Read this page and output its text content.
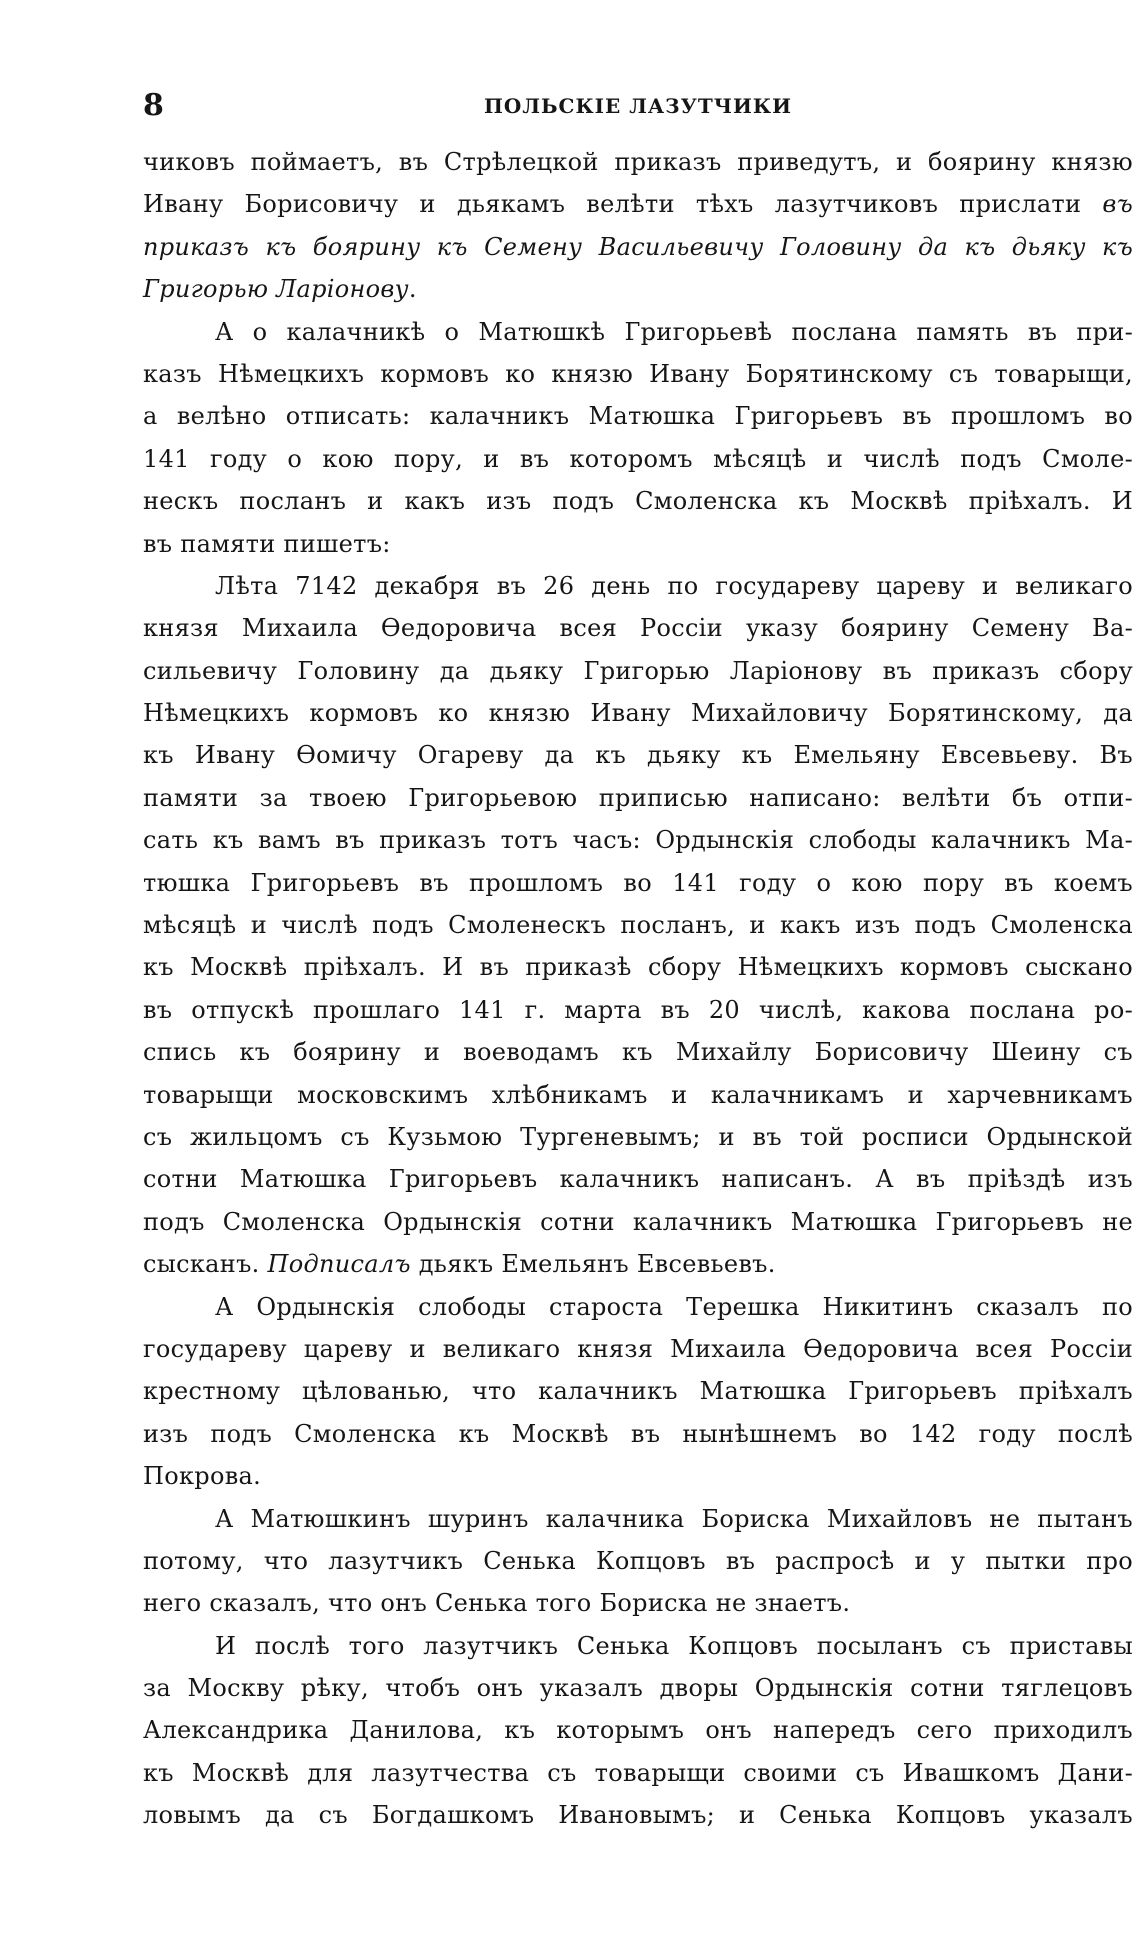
8	ПОЛЬСКІЕ ЛАЗУТЧИКИ
чиковъ поймаетъ, въ Стрѣлецкой приказъ приведутъ, и боярину князю
Ивану Борисовичу и дьякамъ велѣти тѣхъ лазутчиковъ прислати въ
приказъ къ боярину къ Семену Васильевичу Головину да къ дьяку къ
Григорью Ларіонову.
А о калачникѣ о Матюшкѣ Григорьевѣ послана память въ при-
казъ Нѣмецкихъ кормовъ ко князю Ивану Борятинскому съ товарыщи,
а велѣно отписать: калачникъ Матюшка Григорьевъ въ прошломъ во
141 году о кою пору, и въ которомъ мѣсяцѣ и числѣ подъ Смоле-
нескъ посланъ и какъ изъ подъ Смоленска къ Москвѣ пріѣхалъ. И
въ памяти пишетъ:
Лѣта 7142 декабря въ 26 день по государеву цареву и великаго
князя Михаила Ѳедоровича всея Россіи указу боярину Семену Ва-
сильевичу Головину да дьяку Григорью Ларіонову въ приказъ сбору
Нѣмецкихъ кормовъ ко князю Ивану Михайловичу Борятинскому, да
къ Ивану Ѳомичу Огареву да къ дьяку къ Емельяну Евсевьеву. Въ
памяти за твоею Григорьевою приписью написано: велѣти бъ отпи-
сать къ вамъ въ приказъ тотъ часъ: Ордынскія слободы калачникъ Ма-
тюшка Григорьевъ въ прошломъ во 141 году о кою пору въ коемъ
мѣсяцѣ и числѣ подъ Смоленескъ посланъ, и какъ изъ подъ Смоленска
къ Москвѣ пріѣхалъ. И въ приказѣ сбору Нѣмецкихъ кормовъ сыскано
въ отпускѣ прошлаго 141 г. марта въ 20 числѣ, какова послана ро-
спись къ боярину и воеводамъ къ Михайлу Борисовичу Шеину съ
товарыщи московскимъ хлѣбникамъ и калачникамъ и харчевникамъ
съ жильцомъ съ Кузьмою Тургеневымъ; и въ той росписи Ордынской
сотни Матюшка Григорьевъ калачникъ написанъ. А въ пріѣздѣ изъ
подъ Смоленска Ордынскія сотни калачникъ Матюшка Григорьевъ не
сысканъ. Подписалъ дьякъ Емельянъ Евсевьевъ.
А Ордынскія слободы староста Терешка Никитинъ сказалъ по
государеву цареву и великаго князя Михаила Ѳедоровича всея Россіи
крестному цѣлованью, что калачникъ Матюшка Григорьевъ пріѣхалъ
изъ подъ Смоленска къ Москвѣ въ нынѣшнемъ во 142 году послѣ
Покрова.
А Матюшкинъ шуринъ калачника Бориска Михайловъ не пытанъ
потому, что лазутчикъ Сенька Копцовъ въ распросѣ и у пытки про
него сказалъ, что онъ Сенька того Бориска не знаетъ.
И послѣ того лазутчикъ Сенька Копцовъ посыланъ съ приставы
за Москву рѣку, чтобъ онъ указалъ дворы Ордынскія сотни тяглецовъ
Александрика Данилова, къ которымъ онъ напередъ сего приходилъ
къ Москвѣ для лазутчества съ товарыщи своими съ Ивашкомъ Дани-
ловымъ да съ Богдашкомъ Ивановымъ; и Сенька Копцовъ указалъ
